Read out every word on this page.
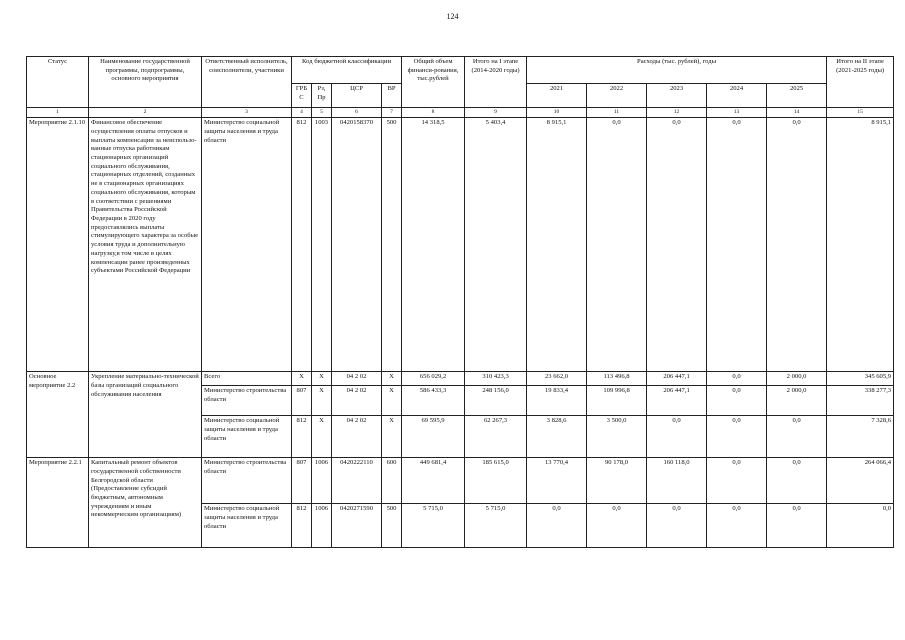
124
Статус	Наименование государственной программы, подпрограммы, основного мероприятия	Ответственный исполнитель, соисполнители, участники	Код бюджетной классификации				Общий объем финанси-рования, тыс.рублей	Итого на I этапе (2014-2020 годы)	Расходы (тыс. рублей), годы					Итого на II этапе (2021-2025 годы)
			ГРБ С	Рз, Пр	ЦСР	ВР			2021	2022	2023	2024	2025	
1	2	3	4	5	6	7	8	9	10	11	12	13	14	15
Мероприятие 2.1.10	Финансовое обеспечение осуществления оплаты отпусков и выплаты компенсации за неиспользо-ванные отпуска работникам стационарных организаций социального обслуживания, стационарных отделений, созданных не в стационарных организациях социального обслуживания, которым в соответствии с решениями Правительства Российской Федерации в 2020 году предоставлялись выплаты стимулирующего характера за особые условия труда и дополнительную нагрузку,в том числе в целях компенсации ранее произведенных субъектами Российской Федерации	Министерство социальной защиты населения и труда области	812	1003	0420158370	500	14 318,5	5 403,4	8 915,1	0,0	0,0	0,0	0,0	8 915,1
Основное мероприятие 2.2	Укрепление материально-технической базы организаций социального обслуживания населения	Всего	X	X	04 2 02	X	656 029,2	310 423,3	23 662,0	113 496,8	206 447,1	0,0	2 000,0	345 605,9
		Министерство строительства области	807	X	04 2 02	X	586 433,3	248 156,0	19 833,4	109 996,8	206 447,1	0,0	2 000,0	338 277,3
		Министерство социальной защиты населения и труда области	812	X	04 2 02	X	69 595,9	62 267,3	3 828,6	3 500,0	0,0	0,0	0,0	7 328,6
Мероприятие 2.2.1	Капитальный ремонт объектов государственной собственности Белгородской области (Предоставление субсидий бюджетным, автономным учреждениям и иным некоммерческим организациям)	Министерство строительства области	807	1006	0420222110	600	449 681,4	185 615,0	13 770,4	90 178,0	160 118,0	0,0	0,0	264 066,4
		Министерство социальной защиты населения и труда области	812	1006	0420271590	500	5 715,0	5 715,0	0,0	0,0	0,0	0,0	0,0	0,0
